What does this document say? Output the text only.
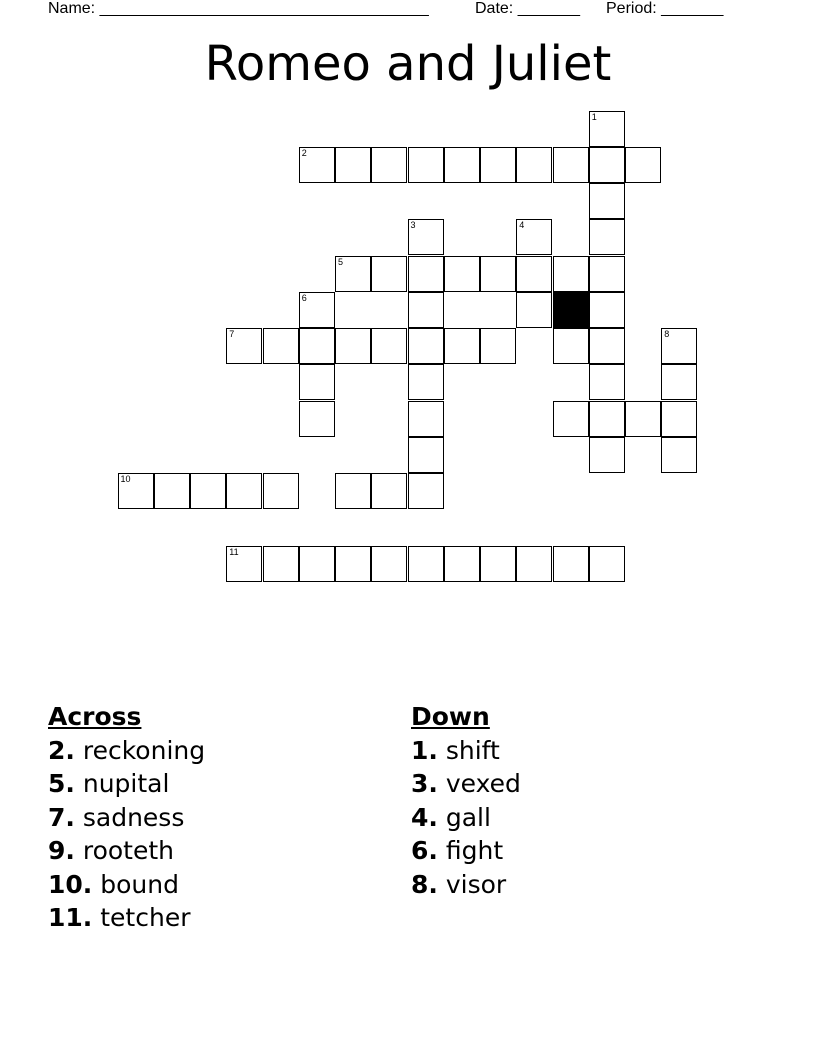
Name: _____________________________________	Date: _______ Period: _______
Romeo and Juliet
1
2
3	4
5
6
7	8
10
11
Across
2. reckoning
5. nupital
7. sadness
9. rooteth
10. bound
11. tetcher
Down
1. shift
3. vexed
4. gall
6. fight
8. visor
